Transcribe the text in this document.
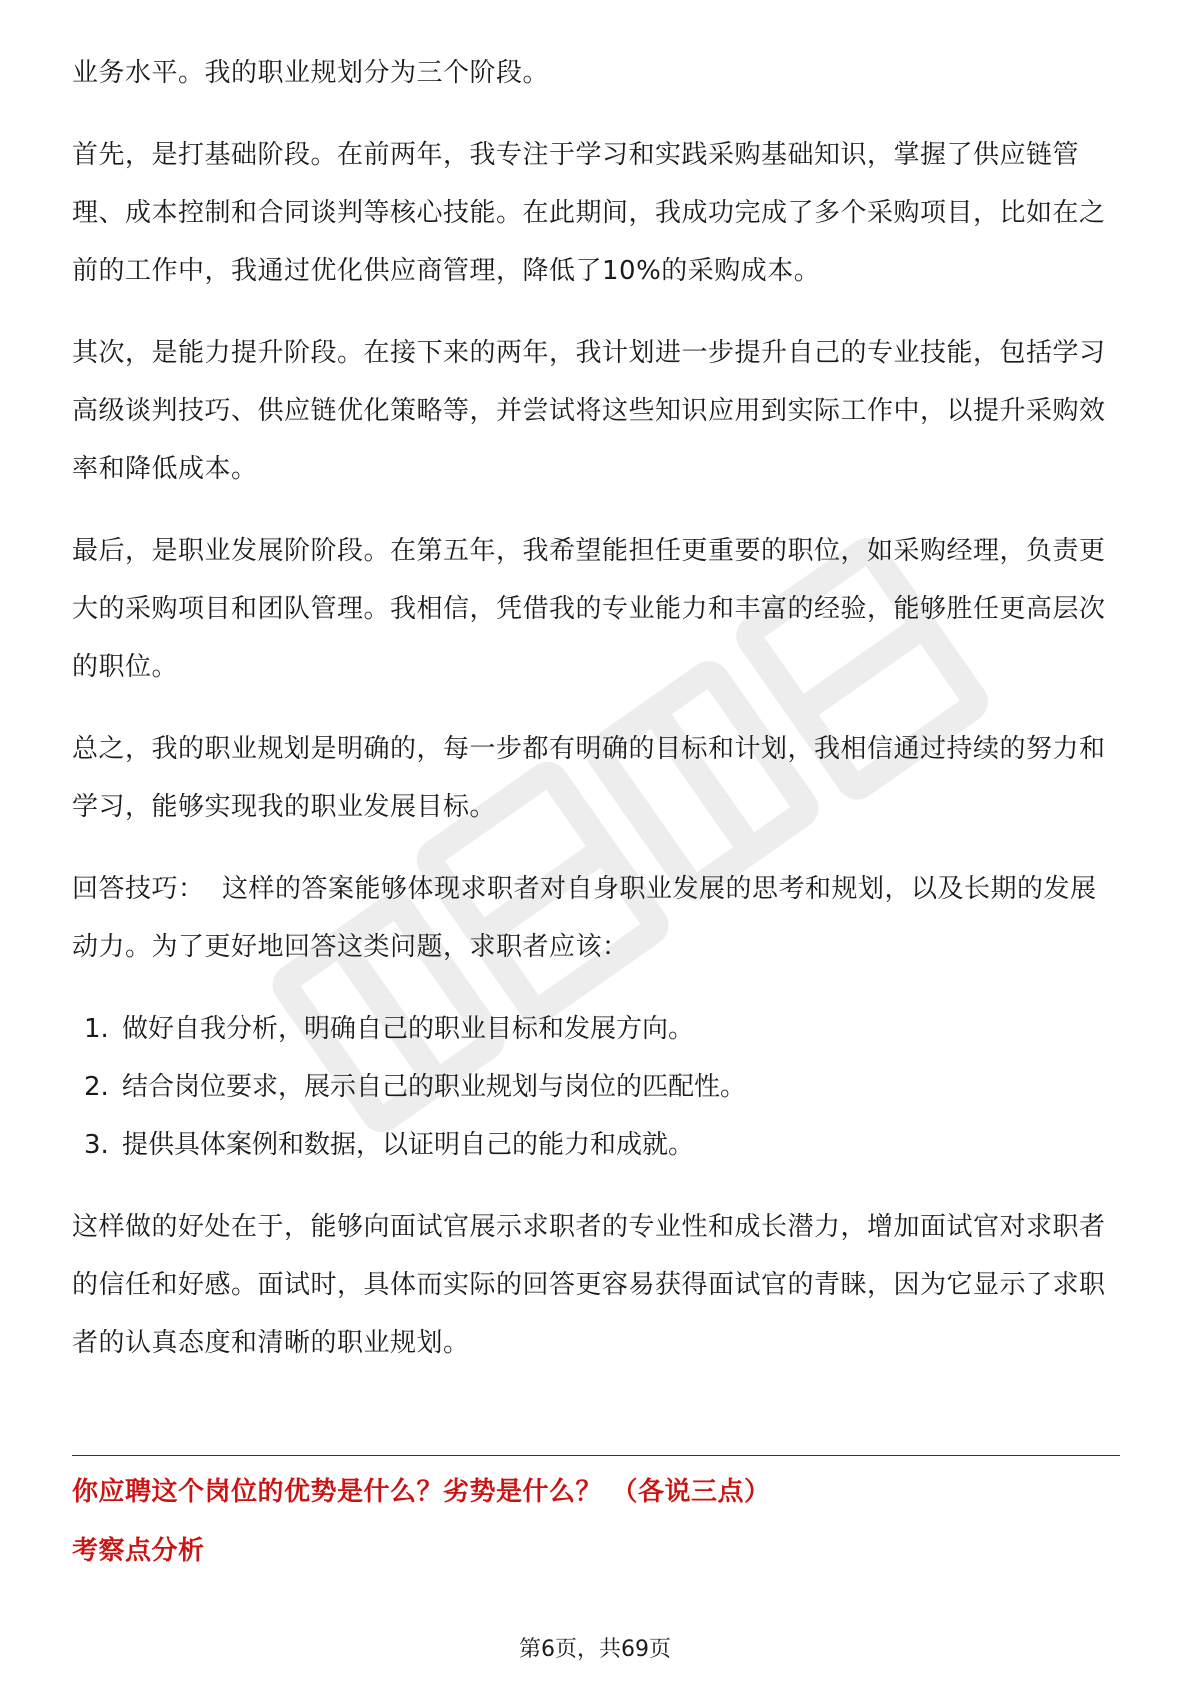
业务水平。我的职业规划分为三个阶段。

首先，是打基础阶段。在前两年，我专注于学习和实践采购基础知识，掌握了供应链管理、成本控制和合同谈判等核心技能。在此期间，我成功完成了多个采购项目，比如在之前的工作中，我通过优化供应商管理，降低了10%的采购成本。

其次，是能力提升阶段。在接下来的两年，我计划进一步提升自己的专业技能，包括学习高级谈判技巧、供应链优化策略等，并尝试将这些知识应用到实际工作中，以提升采购效率和降低成本。

最后，是职业发展阶阶段。在第五年，我希望能担任更重要的职位，如采购经理，负责更大的采购项目和团队管理。我相信，凭借我的专业能力和丰富的经验，能够胜任更高层次的职位。

总之，我的职业规划是明确的，每一步都有明确的目标和计划，我相信通过持续的努力和学习，能够实现我的职业发展目标。

回答技巧：  这样的答案能够体现求职者对自身职业发展的思考和规划，以及长期的发展动力。为了更好地回答这类问题，求职者应该：

1. 做好自我分析，明确自己的职业目标和发展方向。
2. 结合岗位要求，展示自己的职业规划与岗位的匹配性。
3. 提供具体案例和数据，以证明自己的能力和成就。

这样做的好处在于，能够向面试官展示求职者的专业性和成长潜力，增加面试官对求职者的信任和好感。面试时，具体而实际的回答更容易获得面试官的青睐，因为它显示了求职者的认真态度和清晰的职业规划。

你应聘这个岗位的优势是什么？劣势是什么？ （各说三点）
考察点分析
第6页，共69页
